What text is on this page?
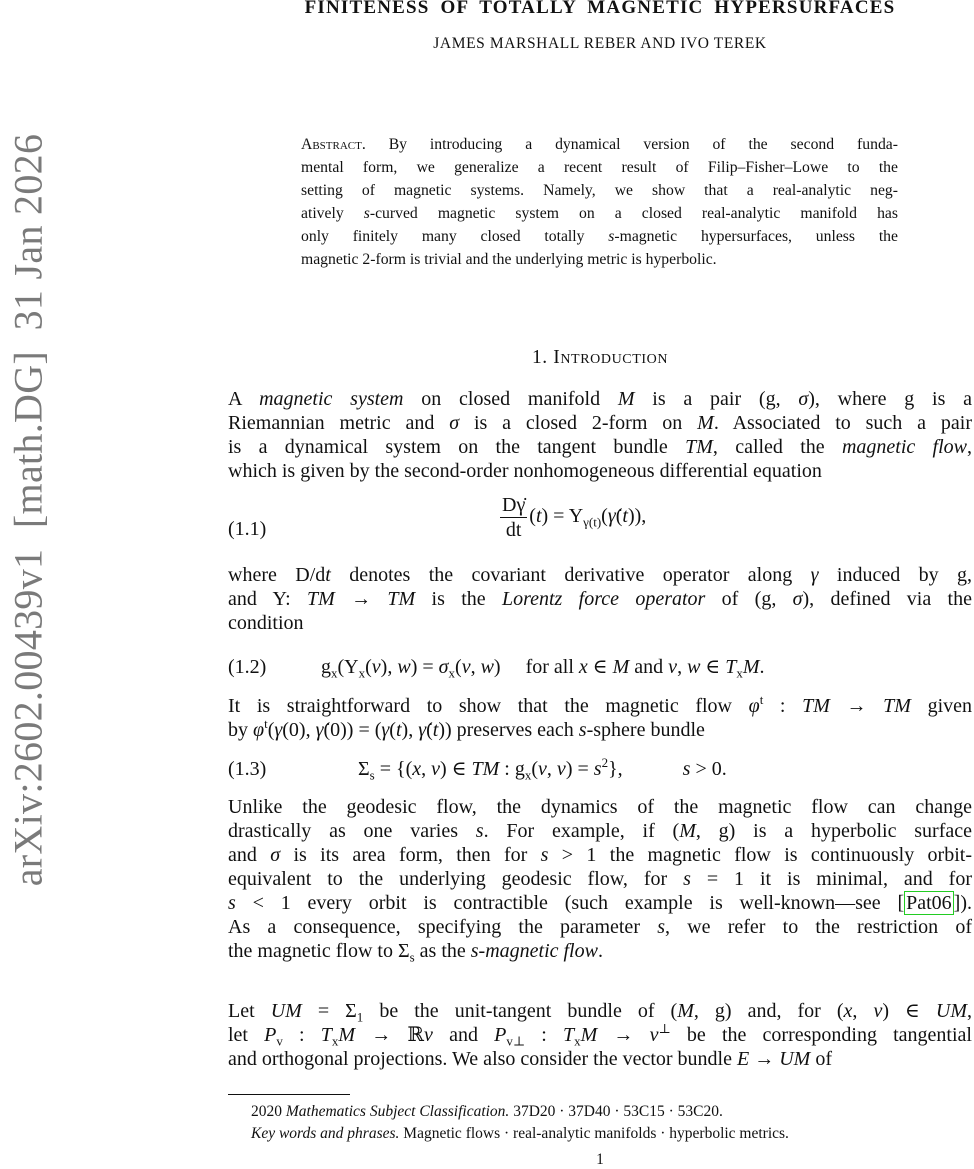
arXiv:2602.00439v1  [math.DG]  31 Jan 2026
FINITENESS OF TOTALLY MAGNETIC HYPERSURFACES
JAMES MARSHALL REBER AND IVO TEREK
Abstract. By introducing a dynamical version of the second funda-
mental form, we generalize a recent result of Filip–Fisher–Lowe to the
setting of magnetic systems. Namely, we show that a real-analytic neg-
atively s-curved magnetic system on a closed real-analytic manifold has
only finitely many closed totally s-magnetic hypersurfaces, unless the
magnetic 2-form is trivial and the underlying metric is hyperbolic.
1. Introduction
A magnetic system on closed manifold M is a pair (g, σ), where g is a
Riemannian metric and σ is a closed 2-form on M. Associated to such a pair
is a dynamical system on the tangent bundle TM, called the magnetic flow,
which is given by the second-order nonhomogeneous differential equation
(1.1)	$\frac{D\gammȧ}{dt} (t)$ = $Y_{\gamma(t)}(\gammȧ(t))$,
where D/dt denotes the covariant derivative operator along γ induced by g,
and Y: TM → TM is the Lorentz force operator of (g, σ), defined via the
condition
(1.2)	$g_x(Y_x(v)$, $w) = \sigma_x(v$, w)  for all x ∈ M and v, w ∈ $T_xM$.
It is straightforward to show that the magnetic flow $\varphi^t$ : TM → TM given
by $\varphi^t(\gamma(0)$, γ̇(0)) = (γ(t), γ̇(t)) preserves each s-sphere bundle
(1.3)	$\Sigma_s = \{(x$, v) ∈ TM : $g_x(v$, $v) = s^2$},   s > 0.
Unlike the geodesic flow, the dynamics of the magnetic flow can change
drastically as one varies s. For example, if (M, g) is a hyperbolic surface
and σ is its area form, then for s > 1 the magnetic flow is continuously orbit-
equivalent to the underlying geodesic flow, for s = 1 it is minimal, and for
s < 1 every orbit is contractible (such example is well-known—see [ Pat06 ]).
As a consequence, specifying the parameter s, we refer to the restriction of
the magnetic flow to $\Sigma_s$ as the s-magnetic flow.
Let UM = $\Sigma_1$ be the unit-tangent bundle of (M, g) and, for (x, v) ∈ UM,
let $P_v$ : $T_xM$ → ℝv and $P_{v\perp}$ : $T_xM \to v^\perp$ be the corresponding tangential
and orthogonal projections. We also consider the vector bundle E → UM of
2020 Mathematics Subject Classification. 37D20 · 37D40 · 53C15 · 53C20.
Key words and phrases. Magnetic flows · real-analytic manifolds · hyperbolic metrics.
1
